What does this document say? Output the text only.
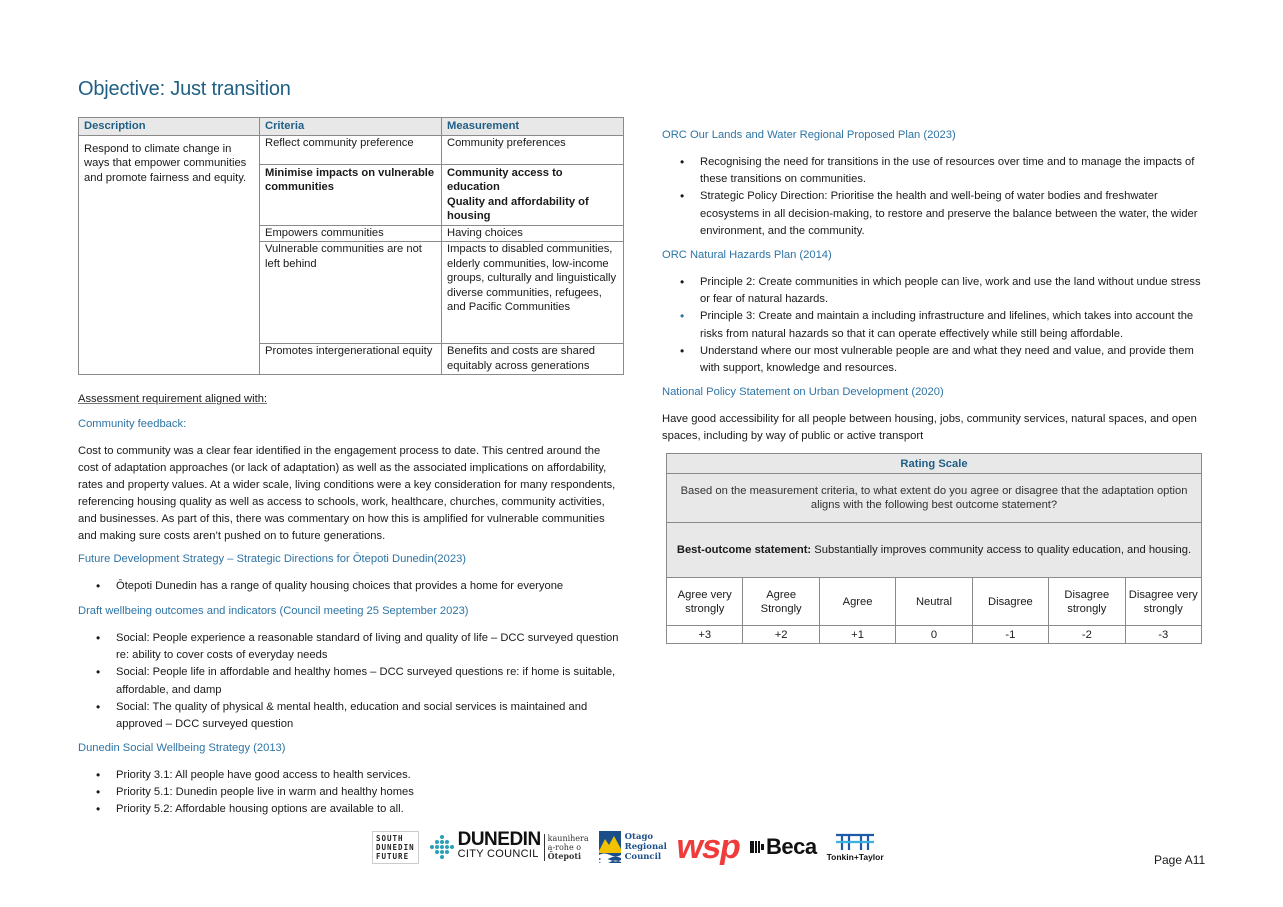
Objective: Just transition
Description	Criteria	Measurement
Respond to climate change in ways that empower communities and promote fairness and equity.	Reflect community preference	Community preferences
	Minimise impacts on vulnerable communities	Community access to education
Quality and affordability of housing

	Empowers communities	Having choices
	Vulnerable communities are not left behind	Impacts to disabled communities, elderly communities, low-income groups, culturally and linguistically diverse communities, refugees, and Pacific Communities
	Promotes intergenerational equity	Benefits and costs are shared equitably across generations
Assessment requirement aligned with:
Community feedback:
Cost to community was a clear fear identified in the engagement process to date. This centred around the cost of adaptation approaches (or lack of adaptation) as well as the associated implications on affordability, rates and property values. At a wider scale, living conditions were a key consideration for many respondents, referencing housing quality as well as access to schools, work, healthcare, churches, community activities, and businesses. As part of this, there was commentary on how this is amplified for vulnerable communities and making sure costs aren’t pushed on to future generations.
Future Development Strategy – Strategic Directions for Ōtepoti Dunedin(2023)
• Ōtepoti Dunedin has a range of quality housing choices that provides a home for everyone
Draft wellbeing outcomes and indicators (Council meeting 25 September 2023)
• Social: People experience a reasonable standard of living and quality of life – DCC surveyed question re: ability to cover costs of everyday needs
• Social: People life in affordable and healthy homes – DCC surveyed questions re: if home is suitable, affordable, and damp
• Social: The quality of physical & mental health, education and social services is maintained and approved – DCC surveyed question
Dunedin Social Wellbeing Strategy (2013)
• Priority 3.1: All people have good access to health services.
• Priority 5.1: Dunedin people live in warm and healthy homes
• Priority 5.2: Affordable housing options are available to all.
ORC Our Lands and Water Regional Proposed Plan (2023)
• Recognising the need for transitions in the use of resources over time and to manage the impacts of these transitions on communities.
• Strategic Policy Direction: Prioritise the health and well-being of water bodies and freshwater ecosystems in all decision-making, to restore and preserve the balance between the water, the wider environment, and the community.
ORC Natural Hazards Plan (2014)
• Principle 2: Create communities in which people can live, work and use the land without undue stress or fear of natural hazards.
• Principle 3: Create and maintain a including infrastructure and lifelines, which takes into account the risks from natural hazards so that it can operate effectively while still being affordable.
• Understand where our most vulnerable people are and what they need and value, and provide them with support, knowledge and resources.
National Policy Statement on Urban Development (2020)
Have good accessibility for all people between housing, jobs, community services, natural spaces, and open spaces, including by way of public or active transport
Rating Scale						
Based on the measurement criteria, to what extent do you agree or disagree that the adaptation option aligns with the following best outcome statement?						
Best-outcome statement: Substantially improves community access to quality education, and housing.						
Agree very strongly	Agree Strongly	Agree	Neutral	Disagree	Disagree strongly	Disagree very strongly
+3	+2	+1	0	-1	-2	-3
SOUTH
DUNEDIN
FUTURE
DUNEDIN
CITY COUNCIL
kaunihera
a-rohe o
Ōtepoti
Otago
Regional
Council wsp Beca Tonkin+Taylor	Page A11
